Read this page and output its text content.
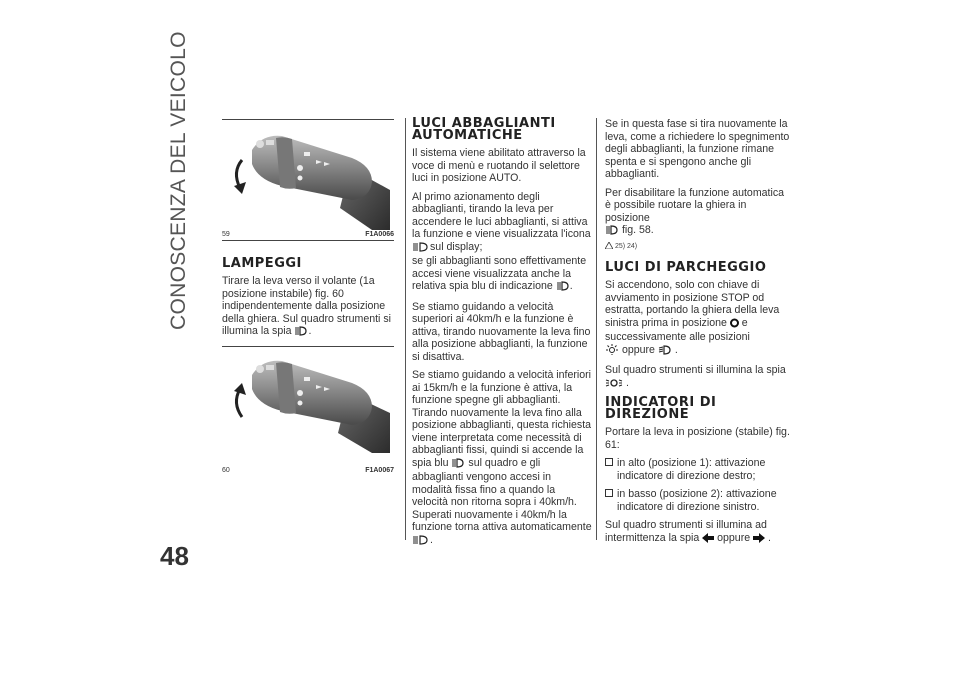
CONOSCENZA DEL VEICOLO
48
59	F1A0066
60	F1A0067
LAMPEGGI

Tirare la leva verso il volante (1a posizione instabile) fig. 60 indipendentemente dalla posizione della ghiera. Sul quadro strumenti si illumina la spia .

LUCI ABBAGLIANTI AUTOMATICHE

Il sistema viene abilitato attraverso la voce di menù e ruotando il selettore luci in posizione AUTO.

Al primo azionamento degli abbaglianti, tirando la leva per accendere le luci abbaglianti, si attiva la funzione e viene visualizzata l'icona sul display;
se gli abbaglianti sono effettivamente accesi viene visualizzata anche la relativa spia blu di indicazione .

Se stiamo guidando a velocità superiori ai 40km/h e la funzione è attiva, tirando nuovamente la leva fino alla posizione abbaglianti, la funzione si disattiva.

Se stiamo guidando a velocità inferiori ai 15km/h e la funzione è attiva, la funzione spegne gli abbaglianti. Tirando nuovamente la leva fino alla posizione abbaglianti, questa richiesta viene interpretata come necessità di abbaglianti fissi, quindi si accende la spia blu sul quadro e gli abbaglianti vengono accesi in modalità fissa fino a quando la velocità non ritorna sopra i 40km/h. Superati nuovamente i 40km/h la funzione torna attiva automaticamente .

Se in questa fase si tira nuovamente la leva, come a richiedere lo spegnimento degli abbaglianti, la funzione rimane spenta e si spengono anche gli abbaglianti.

Per disabilitare la funzione automatica è possibile ruotare la ghiera in posizione
fig. 58.

25) 24)
LUCI DI PARCHEGGIO

Si accendono, solo con chiave di avviamento in posizione STOP od estratta, portando la ghiera della leva sinistra prima in posizione e successivamente alle posizioni
oppure .

Sul quadro strumenti si illumina la spia
.

INDICATORI DI DIREZIONE

Portare la leva in posizione (stabile) fig. 61:

in alto (posizione 1): attivazione indicatore di direzione destro;

in basso (posizione 2): attivazione indicatore di direzione sinistro.

Sul quadro strumenti si illumina ad intermittenza la spia oppure .
